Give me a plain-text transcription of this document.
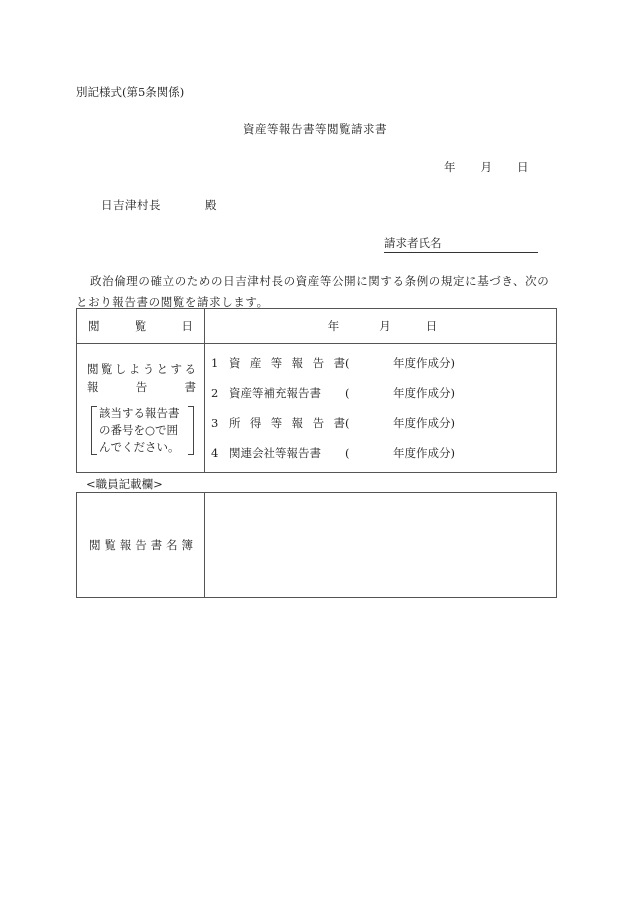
別記様式(第5条関係)
資産等報告書等閲覧請求書
年 月 日
日吉津村長	殿
請求者氏名
政治倫理の確立のための日吉津村長の資産等公開に関する条例の規定に基づき、次の
とおり報告書の閲覧を請求します。
閲 覧 日	年 月 日

閲 覧 し よ う と す る
報	告	書
該当する報告書
の番号を○で囲
んでください。

1 資 産 等 報 告 書 (	年度作成分)
2 資産等補充報告書	(	年度作成分)
3 所 得 等 報 告 書 (	年度作成分)
4 関連会社等報告書	(	年度作成分)
<職員記載欄>
閲 覧 報 告 書 名 簿
